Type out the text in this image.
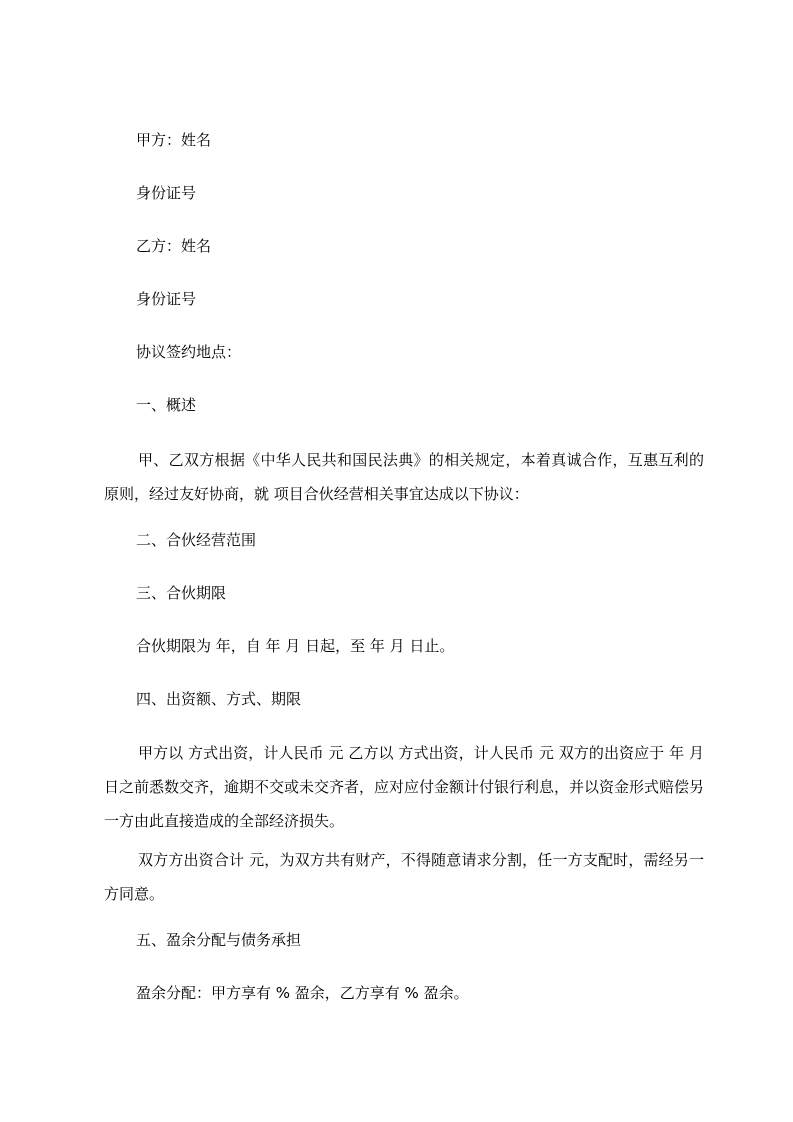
甲方：姓名
身份证号
乙方：姓名
身份证号
协议签约地点：
一、概述
甲、乙双方根据《中华人民共和国民法典》的相关规定，本着真诚合作，互惠互利的原则，经过友好协商，就 项目合伙经营相关事宜达成以下协议：
二、合伙经营范围
三、合伙期限
合伙期限为 年，自 年 月 日起，至 年 月 日止。
四、出资额、方式、期限
甲方以 方式出资，计人民币 元 乙方以 方式出资，计人民币 元 双方的出资应于 年 月 日之前悉数交齐，逾期不交或未交齐者，应对应付金额计付银行利息，并以资金形式赔偿另一方由此直接造成的全部经济损失。
双方方出资合计 元，为双方共有财产，不得随意请求分割，任一方支配时，需经另一方同意。
五、盈余分配与债务承担
盈余分配：甲方享有 % 盈余，乙方享有 % 盈余。
